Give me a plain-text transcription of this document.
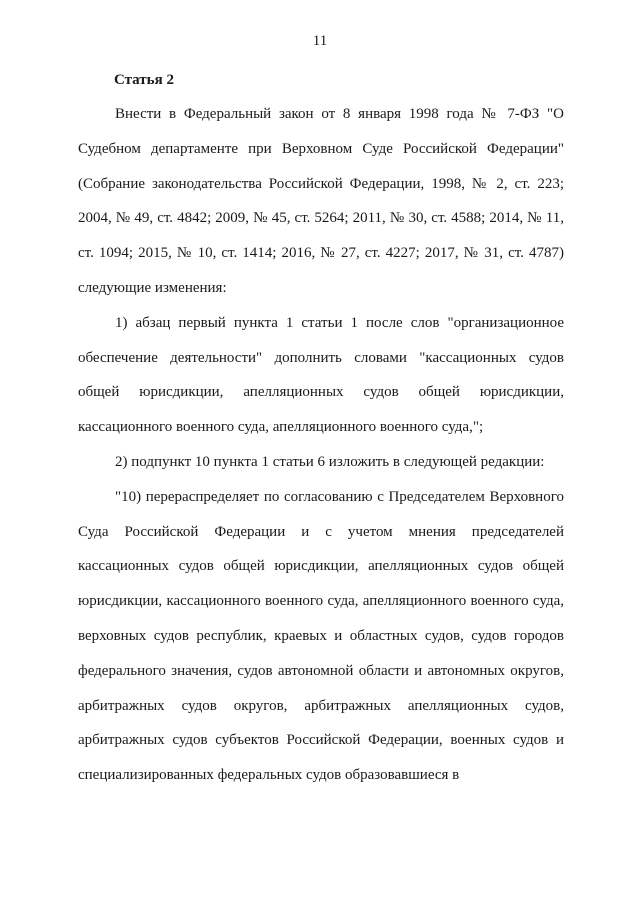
11
Статья 2

Внести в Федеральный закон от 8 января 1998 года № 7-ФЗ "О Судебном департаменте при Верховном Суде Российской Федерации" (Собрание законодательства Российской Федерации, 1998, № 2, ст. 223; 2004, № 49, ст. 4842; 2009, № 45, ст. 5264; 2011, № 30, ст. 4588; 2014, № 11, ст. 1094; 2015, № 10, ст. 1414; 2016, № 27, ст. 4227; 2017, № 31, ст. 4787) следующие изменения:

1) абзац первый пункта 1 статьи 1 после слов "организационное обеспечение деятельности" дополнить словами "кассационных судов общей юрисдикции, апелляционных судов общей юрисдикции, кассационного военного суда, апелляционного военного суда,";

2) подпункт 10 пункта 1 статьи 6 изложить в следующей редакции:

"10) перераспределяет по согласованию с Председателем Верховного Суда Российской Федерации и с учетом мнения председателей кассационных судов общей юрисдикции, апелляционных судов общей юрисдикции, кассационного военного суда, апелляционного военного суда, верховных судов республик, краевых и областных судов, судов городов федерального значения, судов автономной области и автономных округов, арбитражных судов округов, арбитражных апелляционных судов, арбитражных судов субъектов Российской Федерации, военных судов и специализированных федеральных судов образовавшиеся в
